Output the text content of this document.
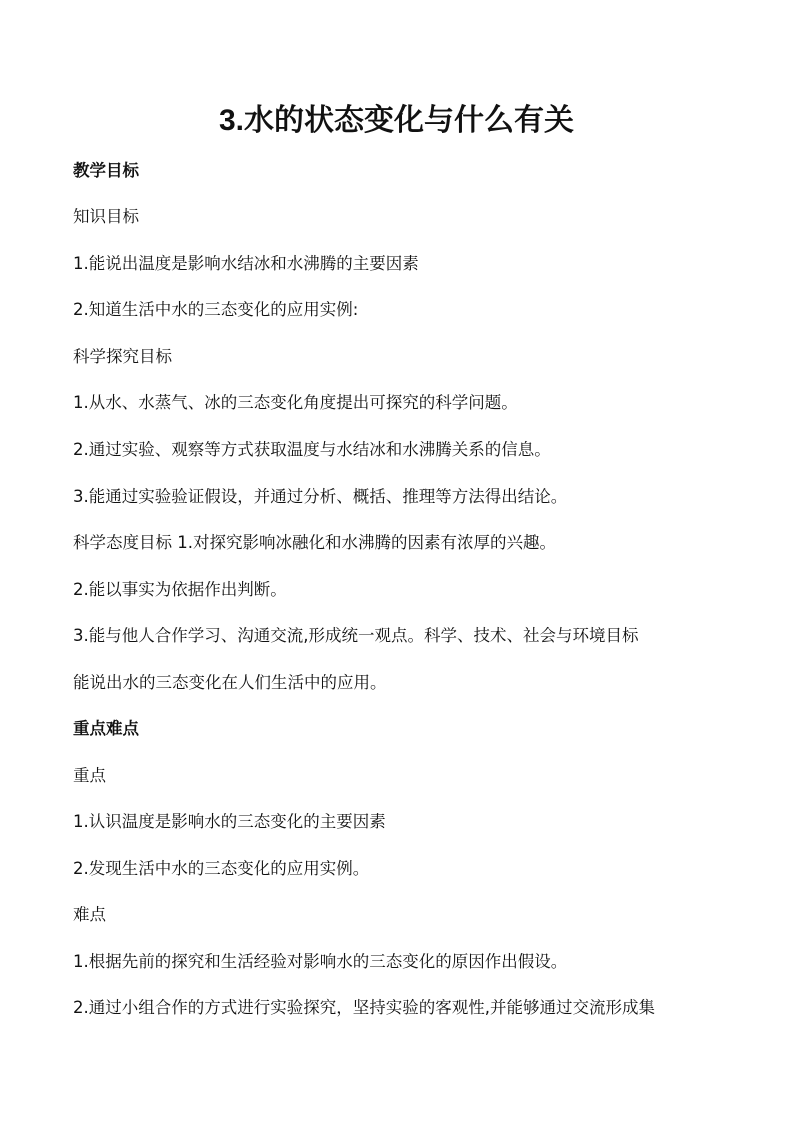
3.水的状态变化与什么有关
教学目标
知识目标
1.能说出温度是影响水结冰和水沸腾的主要因素
2.知道生活中水的三态变化的应用实例:
科学探究目标
1.从水、水蒸气、冰的三态变化角度提出可探究的科学问题。
2.通过实验、观察等方式获取温度与水结冰和水沸腾关系的信息。
3.能通过实验验证假设，并通过分析、概括、推理等方法得出结论。
科学态度目标 1.对探究影响冰融化和水沸腾的因素有浓厚的兴趣。
2.能以事实为依据作出判断。
3.能与他人合作学习、沟通交流,形成统一观点。科学、技术、社会与环境目标
能说出水的三态变化在人们生活中的应用。
重点难点
重点
1.认识温度是影响水的三态变化的主要因素
2.发现生活中水的三态变化的应用实例。
难点
1.根据先前的探究和生活经验对影响水的三态变化的原因作出假设。
2.通过小组合作的方式进行实验探究，坚持实验的客观性,并能够通过交流形成集
